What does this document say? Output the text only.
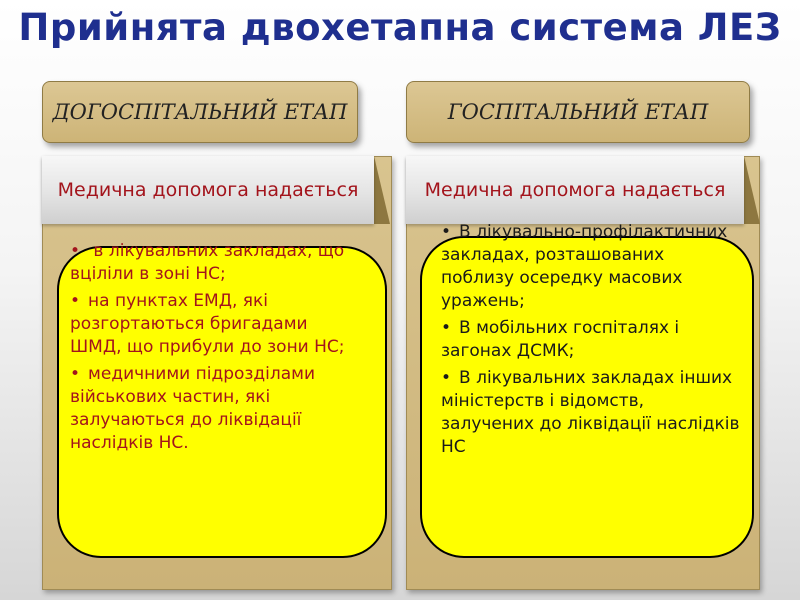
Прийнята двохетапна система ЛЕЗ
ДОГОСПІТАЛЬНИЙ ЕТАП	ГОСПІТАЛЬНИЙ ЕТАП
Медична допомога надається	Медична допомога надається
• в лікувальних закладах, що вціліли в зоні НС;
• на пунктах ЕМД, які розгортаються бригадами ШМД, що прибули до зони НС;
• медичними підрозділами військових частин, які залучаються до ліквідації наслідків НС.
• В лікувально-профілактичних закладах, розташованих поблизу осередку масових уражень;
• В мобільних госпіталях і загонах ДСМК;
• В лікувальних закладах інших міністерств і відомств, залучених до ліквідації наслідків НС
